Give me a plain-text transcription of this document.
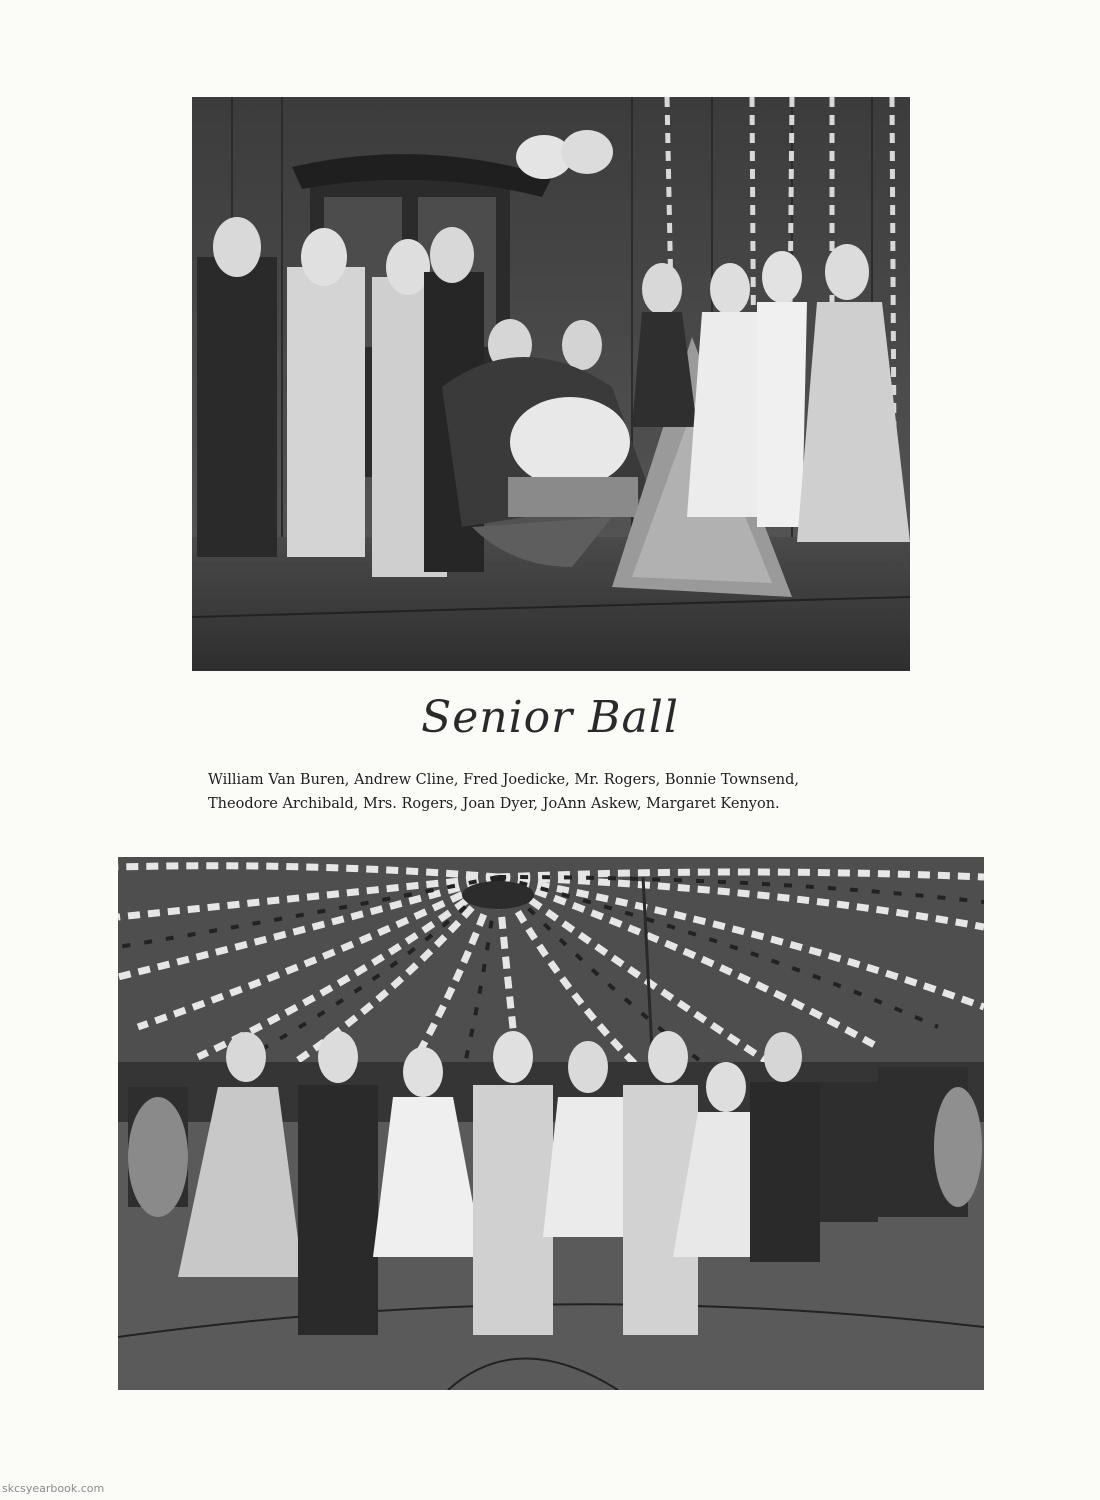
Senior Ball
William Van Buren, Andrew Cline, Fred Joedicke, Mr. Rogers, Bonnie Townsend,
Theodore Archibald, Mrs. Rogers, Joan Dyer, JoAnn Askew, Margaret Kenyon.
skcsyearbook.com
